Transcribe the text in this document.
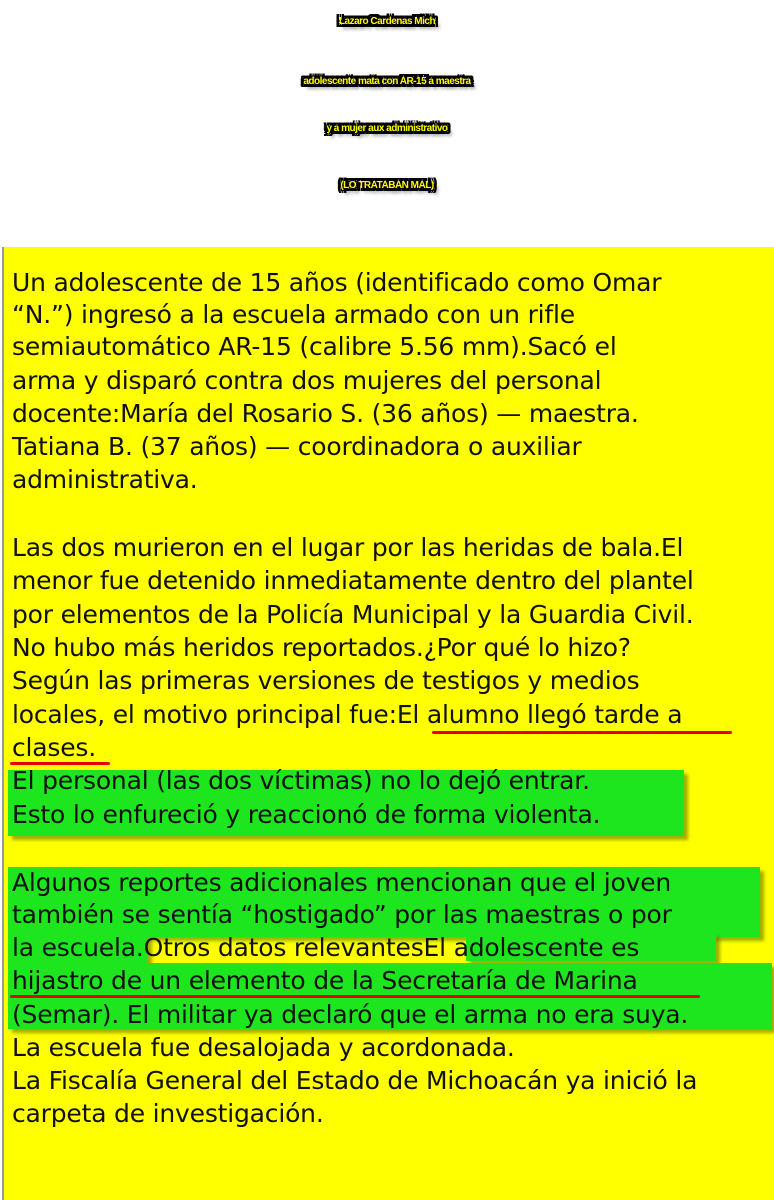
Lazaro Cardenas Mich
adolescente mata con AR-15 a maestra
y a mujer aux administrativo
(LO TRATABAN MAL)
Un adolescente de 15 años (identificado como Omar
“N.”) ingresó a la escuela armado con un rifle
semiautomático AR-15 (calibre 5.56 mm).Sacó el
arma y disparó contra dos mujeres del personal
docente:María del Rosario S. (36 años) — maestra.
Tatiana B. (37 años) — coordinadora o auxiliar
administrativa.
Las dos murieron en el lugar por las heridas de bala.El
menor fue detenido inmediatamente dentro del plantel
por elementos de la Policía Municipal y la Guardia Civil.
No hubo más heridos reportados.¿Por qué lo hizo?
Según las primeras versiones de testigos y medios
locales, el motivo principal fue:El alumno llegó tarde a
clases.
El personal (las dos víctimas) no lo dejó entrar.
Esto lo enfureció y reaccionó de forma violenta.
Algunos reportes adicionales mencionan que el joven
también se sentía “hostigado” por las maestras o por
la escuela.Otros datos relevantesEl adolescente es
hijastro de un elemento de la Secretaría de Marina
(Semar). El militar ya declaró que el arma no era suya.
La escuela fue desalojada y acordonada.
La Fiscalía General del Estado de Michoacán ya inició la
carpeta de investigación.
